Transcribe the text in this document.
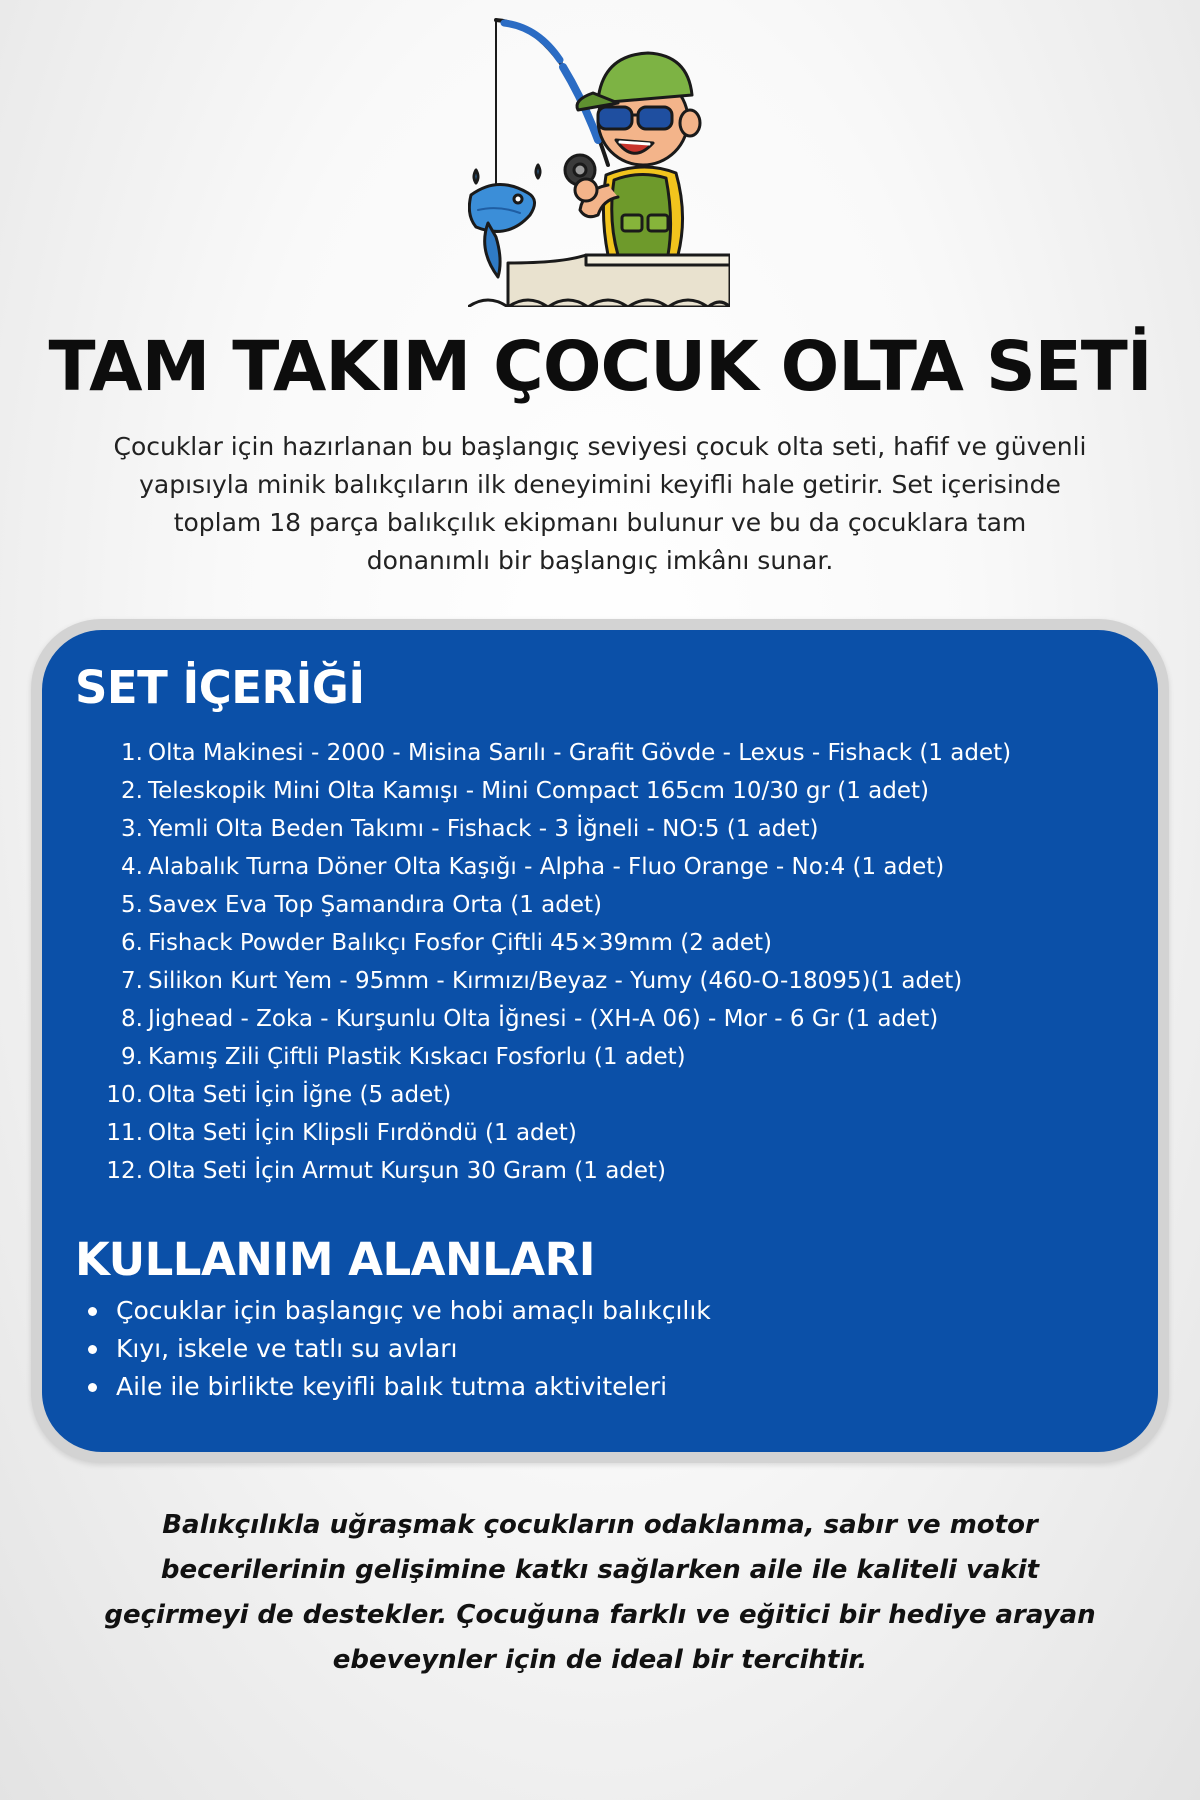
TAM TAKIM ÇOCUK OLTA SETİ

Çocuklar için hazırlanan bu başlangıç seviyesi çocuk olta seti, hafif ve güvenli yapısıyla minik balıkçıların ilk deneyimini keyifli hale getirir. Set içerisinde toplam 18 parça balıkçılık ekipmanı bulunur ve bu da çocuklara tam donanımlı bir başlangıç imkânı sunar.

SET İÇERİĞİ
1. Olta Makinesi - 2000 - Misina Sarılı - Grafit Gövde - Lexus - Fishack (1 adet)
2. Teleskopik Mini Olta Kamışı - Mini Compact 165cm 10/30 gr (1 adet)
3. Yemli Olta Beden Takımı - Fishack - 3 İğneli - NO:5 (1 adet)
4. Alabalık Turna Döner Olta Kaşığı - Alpha - Fluo Orange - No:4 (1 adet)
5. Savex Eva Top Şamandıra Orta (1 adet)
6. Fishack Powder Balıkçı Fosfor Çiftli 45×39mm (2 adet)
7. Silikon Kurt Yem - 95mm - Kırmızı/Beyaz - Yumy (460-O-18095)(1 adet)
8. Jighead - Zoka - Kurşunlu Olta İğnesi - (XH-A 06) - Mor - 6 Gr (1 adet)
9. Kamış Zili Çiftli Plastik Kıskacı Fosforlu (1 adet)
10. Olta Seti İçin İğne (5 adet)
11. Olta Seti İçin Klipsli Fırdöndü (1 adet)
12. Olta Seti İçin Armut Kurşun 30 Gram (1 adet)
KULLANIM ALANLARI
Çocuklar için başlangıç ve hobi amaçlı balıkçılık
Kıyı, iskele ve tatlı su avları
Aile ile birlikte keyifli balık tutma aktiviteleri

Balıkçılıkla uğraşmak çocukların odaklanma, sabır ve motor becerilerinin gelişimine katkı sağlarken aile ile kaliteli vakit geçirmeyi de destekler. Çocuğuna farklı ve eğitici bir hediye arayan ebeveynler için de ideal bir tercihtir.
